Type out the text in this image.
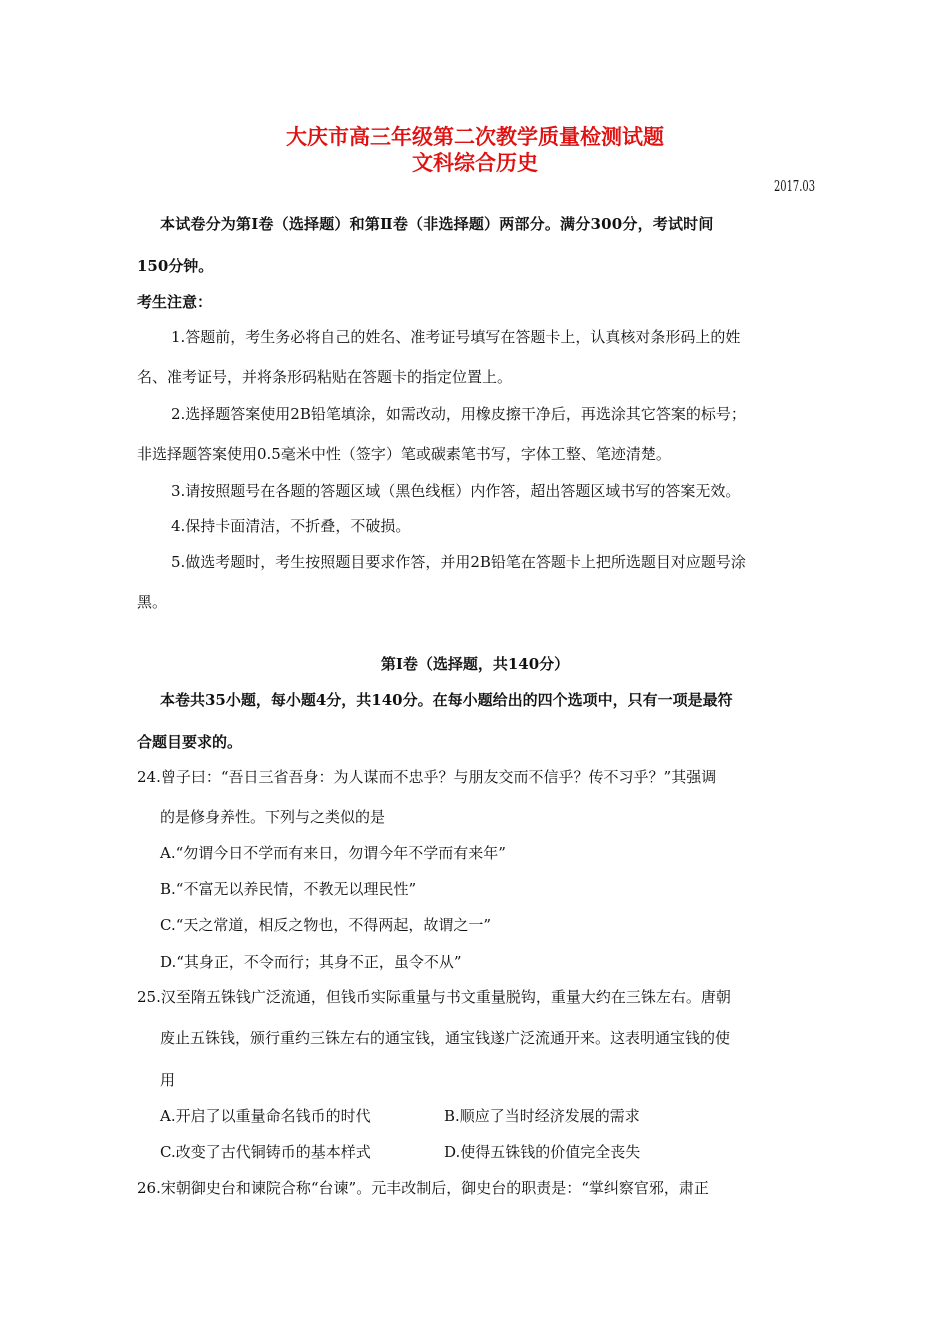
大庆市高三年级第二次教学质量检测试题
文科综合历史
2017.03
本试卷分为第Ⅰ卷（选择题）和第Ⅱ卷（非选择题）两部分。满分300分，考试时间
150分钟。
考生注意：
1.答题前，考生务必将自己的姓名、准考证号填写在答题卡上，认真核对条形码上的姓
名、准考证号，并将条形码粘贴在答题卡的指定位置上。
2.选择题答案使用2B铅笔填涂，如需改动，用橡皮擦干净后，再选涂其它答案的标号；
非选择题答案使用0.5毫米中性（签字）笔或碳素笔书写，字体工整、笔迹清楚。
3.请按照题号在各题的答题区域（黑色线框）内作答，超出答题区域书写的答案无效。
4.保持卡面清洁，不折叠，不破损。
5.做选考题时，考生按照题目要求作答，并用2B铅笔在答题卡上把所选题目对应题号涂
黑。
第Ⅰ卷（选择题，共140分）
本卷共35小题，每小题4分，共140分。在每小题给出的四个选项中，只有一项是最符
合题目要求的。
24.曾子曰：“吾日三省吾身：为人谋而不忠乎？与朋友交而不信乎？传不习乎？”其强调
的是修身养性。下列与之类似的是
A.“勿谓今日不学而有来日，勿谓今年不学而有来年”
B.“不富无以养民情，不教无以理民性”
C.“天之常道，相反之物也，不得两起，故谓之一”
D.“其身正，不令而行；其身不正，虽令不从”
25.汉至隋五铢钱广泛流通，但钱币实际重量与书文重量脱钩，重量大约在三铢左右。唐朝
废止五铢钱，颁行重约三铢左右的通宝钱，通宝钱遂广泛流通开来。这表明通宝钱的使
用
A.开启了以重量命名钱币的时代	B.顺应了当时经济发展的需求
C.改变了古代铜铸币的基本样式	D.使得五铢钱的价值完全丧失
26.宋朝御史台和谏院合称“台谏”。元丰改制后，御史台的职责是：“掌纠察官邪，肃正
